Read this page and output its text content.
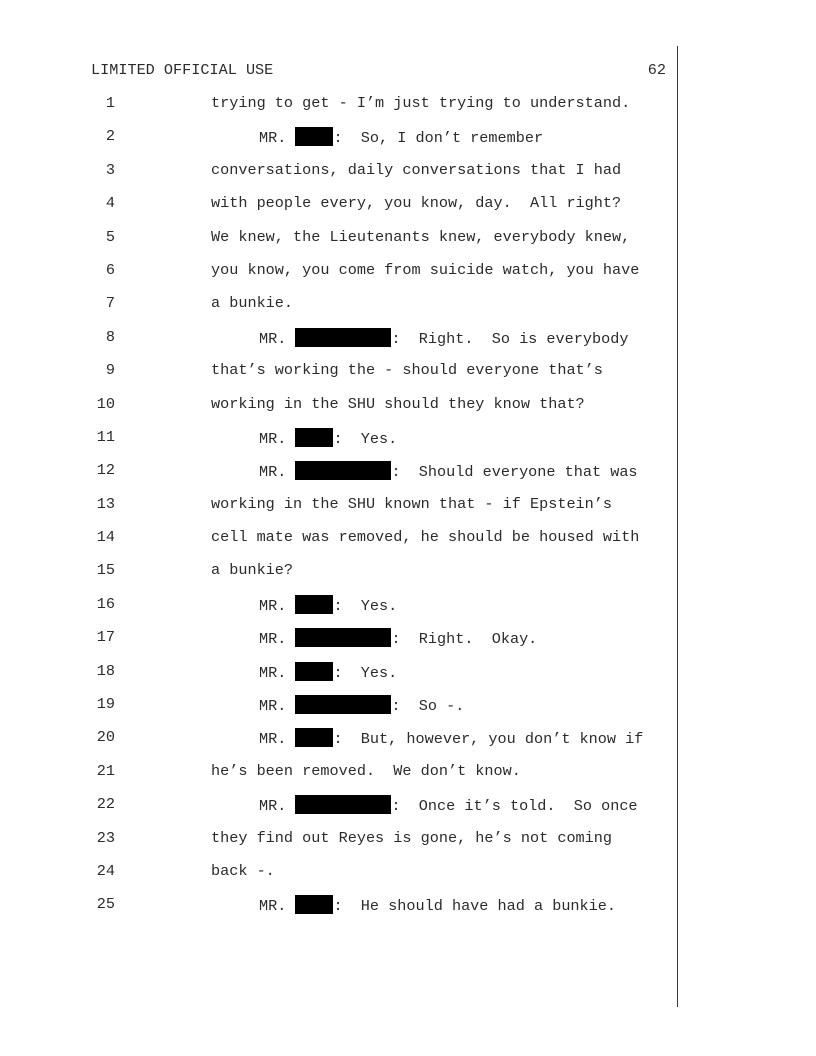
LIMITED OFFICIAL USE	62

1

	trying to get - I’m just trying to understand.

2

	MR.	:  So, I don’t remember

3

	conversations, daily conversations that I had

4

	with people every, you know, day.  All right?

5

	We knew, the Lieutenants knew, everybody knew,

6

	you know, you come from suicide watch, you have

7

	a bunkie.

8

	MR.	:  Right.  So is everybody

9

	that’s working the - should everyone that’s

10

	working in the SHU should they know that?

11

	MR.	:  Yes.

12

	MR.	:  Should everyone that was

13

	working in the SHU known that - if Epstein’s

14

	cell mate was removed, he should be housed with

15

	a bunkie?

16

	MR.	:  Yes.

17

	MR.	:  Right.  Okay.

18

	MR.	:  Yes.

19

	MR.	:  So -.

20

	MR.	:  But, however, you don’t know if

21

	he’s been removed.  We don’t know.

22

	MR.	:  Once it’s told.  So once

23

	they find out Reyes is gone, he’s not coming

24

	back -.

25

	MR.	:  He should have had a bunkie.
